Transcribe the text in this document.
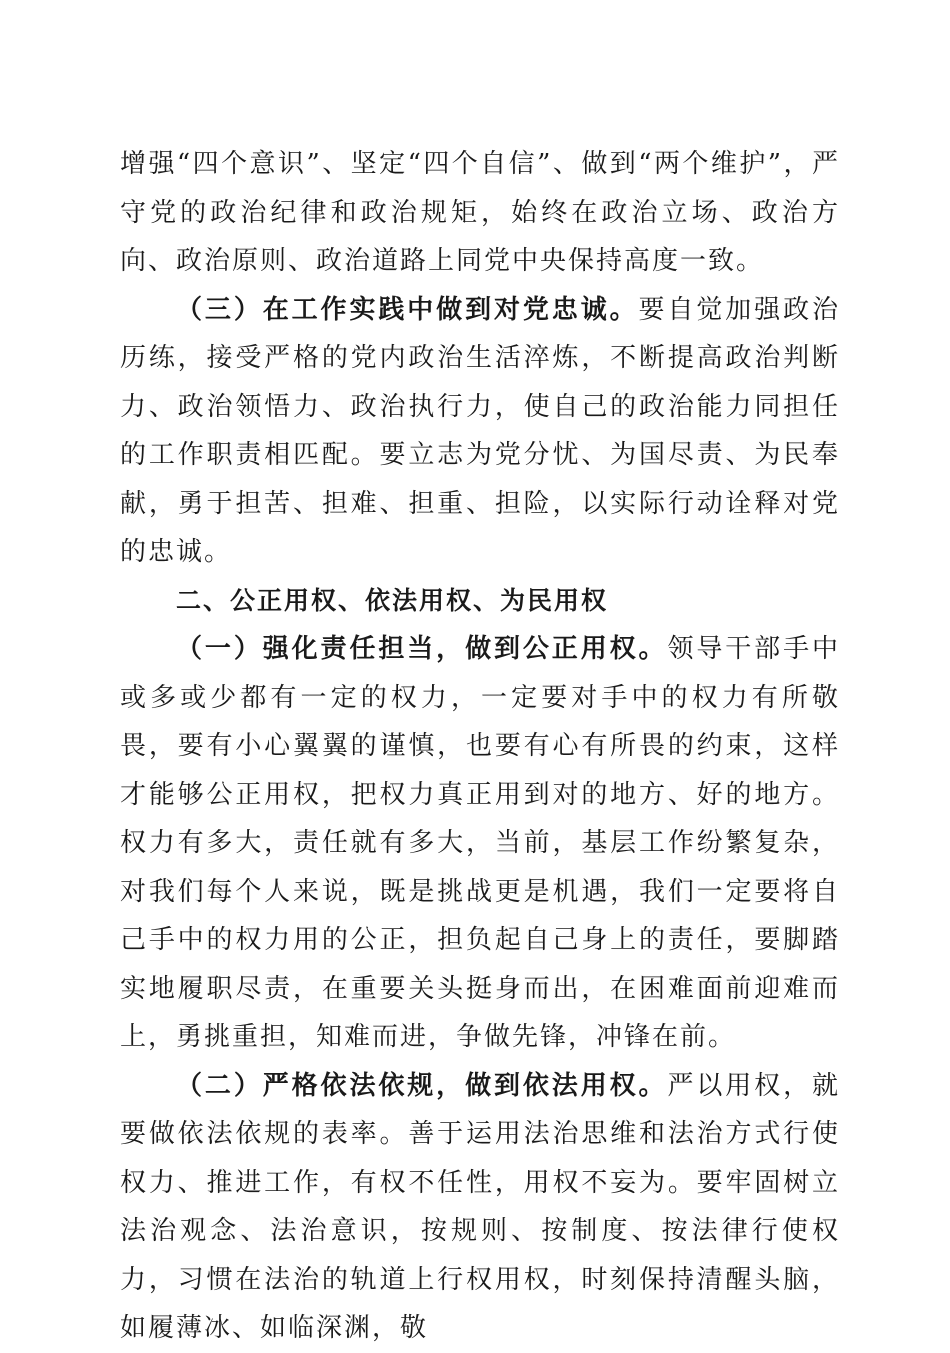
增强“四个意识”、坚定“四个自信”、做到“两个维护”，严守党的政治纪律和政治规矩，始终在政治立场、政治方向、政治原则、政治道路上同党中央保持高度一致。

（三）在工作实践中做到对党忠诚。要自觉加强政治历练，接受严格的党内政治生活淬炼，不断提高政治判断力、政治领悟力、政治执行力，使自己的政治能力同担任的工作职责相匹配。要立志为党分忧、为国尽责、为民奉献，勇于担苦、担难、担重、担险，以实际行动诠释对党的忠诚。

二、公正用权、依法用权、为民用权

（一）强化责任担当，做到公正用权。领导干部手中或多或少都有一定的权力，一定要对手中的权力有所敬畏，要有小心翼翼的谨慎，也要有心有所畏的约束，这样才能够公正用权，把权力真正用到对的地方、好的地方。权力有多大，责任就有多大，当前，基层工作纷繁复杂，对我们每个人来说，既是挑战更是机遇，我们一定要将自己手中的权力用的公正，担负起自己身上的责任，要脚踏实地履职尽责，在重要关头挺身而出，在困难面前迎难而上，勇挑重担，知难而进，争做先锋，冲锋在前。

（二）严格依法依规，做到依法用权。严以用权，就要做依法依规的表率。善于运用法治思维和法治方式行使权力、推进工作，有权不任性，用权不妄为。要牢固树立法治观念、法治意识，按规则、按制度、按法律行使权力，习惯在法治的轨道上行权用权，时刻保持清醒头脑，如履薄冰、如临深渊，敬
